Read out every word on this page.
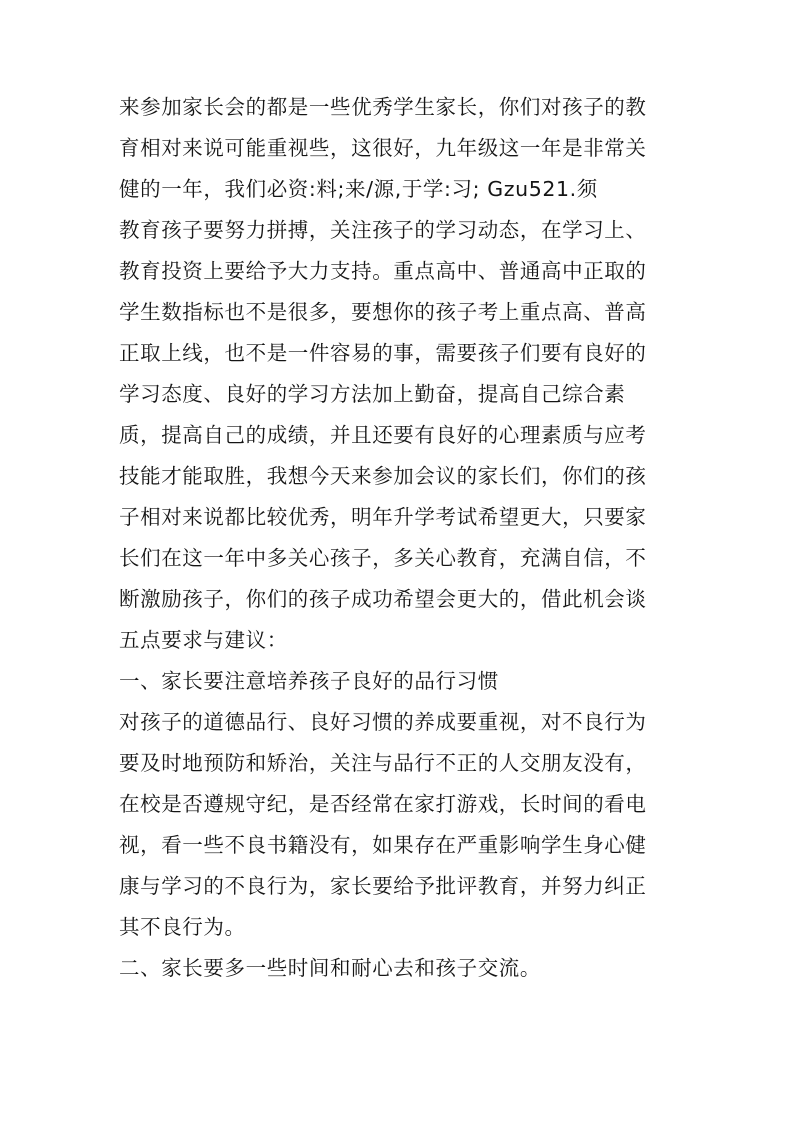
来参加家长会的都是一些优秀学生家长，你们对孩子的教
育相对来说可能重视些，这很好，九年级这一年是非常关
健的一年，我们必资:料;来/源,于学:习; Gzu521.须
教育孩子要努力拼搏，关注孩子的学习动态，在学习上、
教育投资上要给予大力支持。重点高中、普通高中正取的
学生数指标也不是很多，要想你的孩子考上重点高、普高
正取上线，也不是一件容易的事，需要孩子们要有良好的
学习态度、良好的学习方法加上勤奋，提高自己综合素
质，提高自己的成绩，并且还要有良好的心理素质与应考
技能才能取胜，我想今天来参加会议的家长们，你们的孩
子相对来说都比较优秀，明年升学考试希望更大，只要家
长们在这一年中多关心孩子，多关心教育，充满自信，不
断激励孩子，你们的孩子成功希望会更大的，借此机会谈
五点要求与建议：
一、家长要注意培养孩子良好的品行习惯
对孩子的道德品行、良好习惯的养成要重视，对不良行为
要及时地预防和矫治，关注与品行不正的人交朋友没有，
在校是否遵规守纪，是否经常在家打游戏，长时间的看电
视，看一些不良书籍没有，如果存在严重影响学生身心健
康与学习的不良行为，家长要给予批评教育，并努力纠正
其不良行为。
二、家长要多一些时间和耐心去和孩子交流。
